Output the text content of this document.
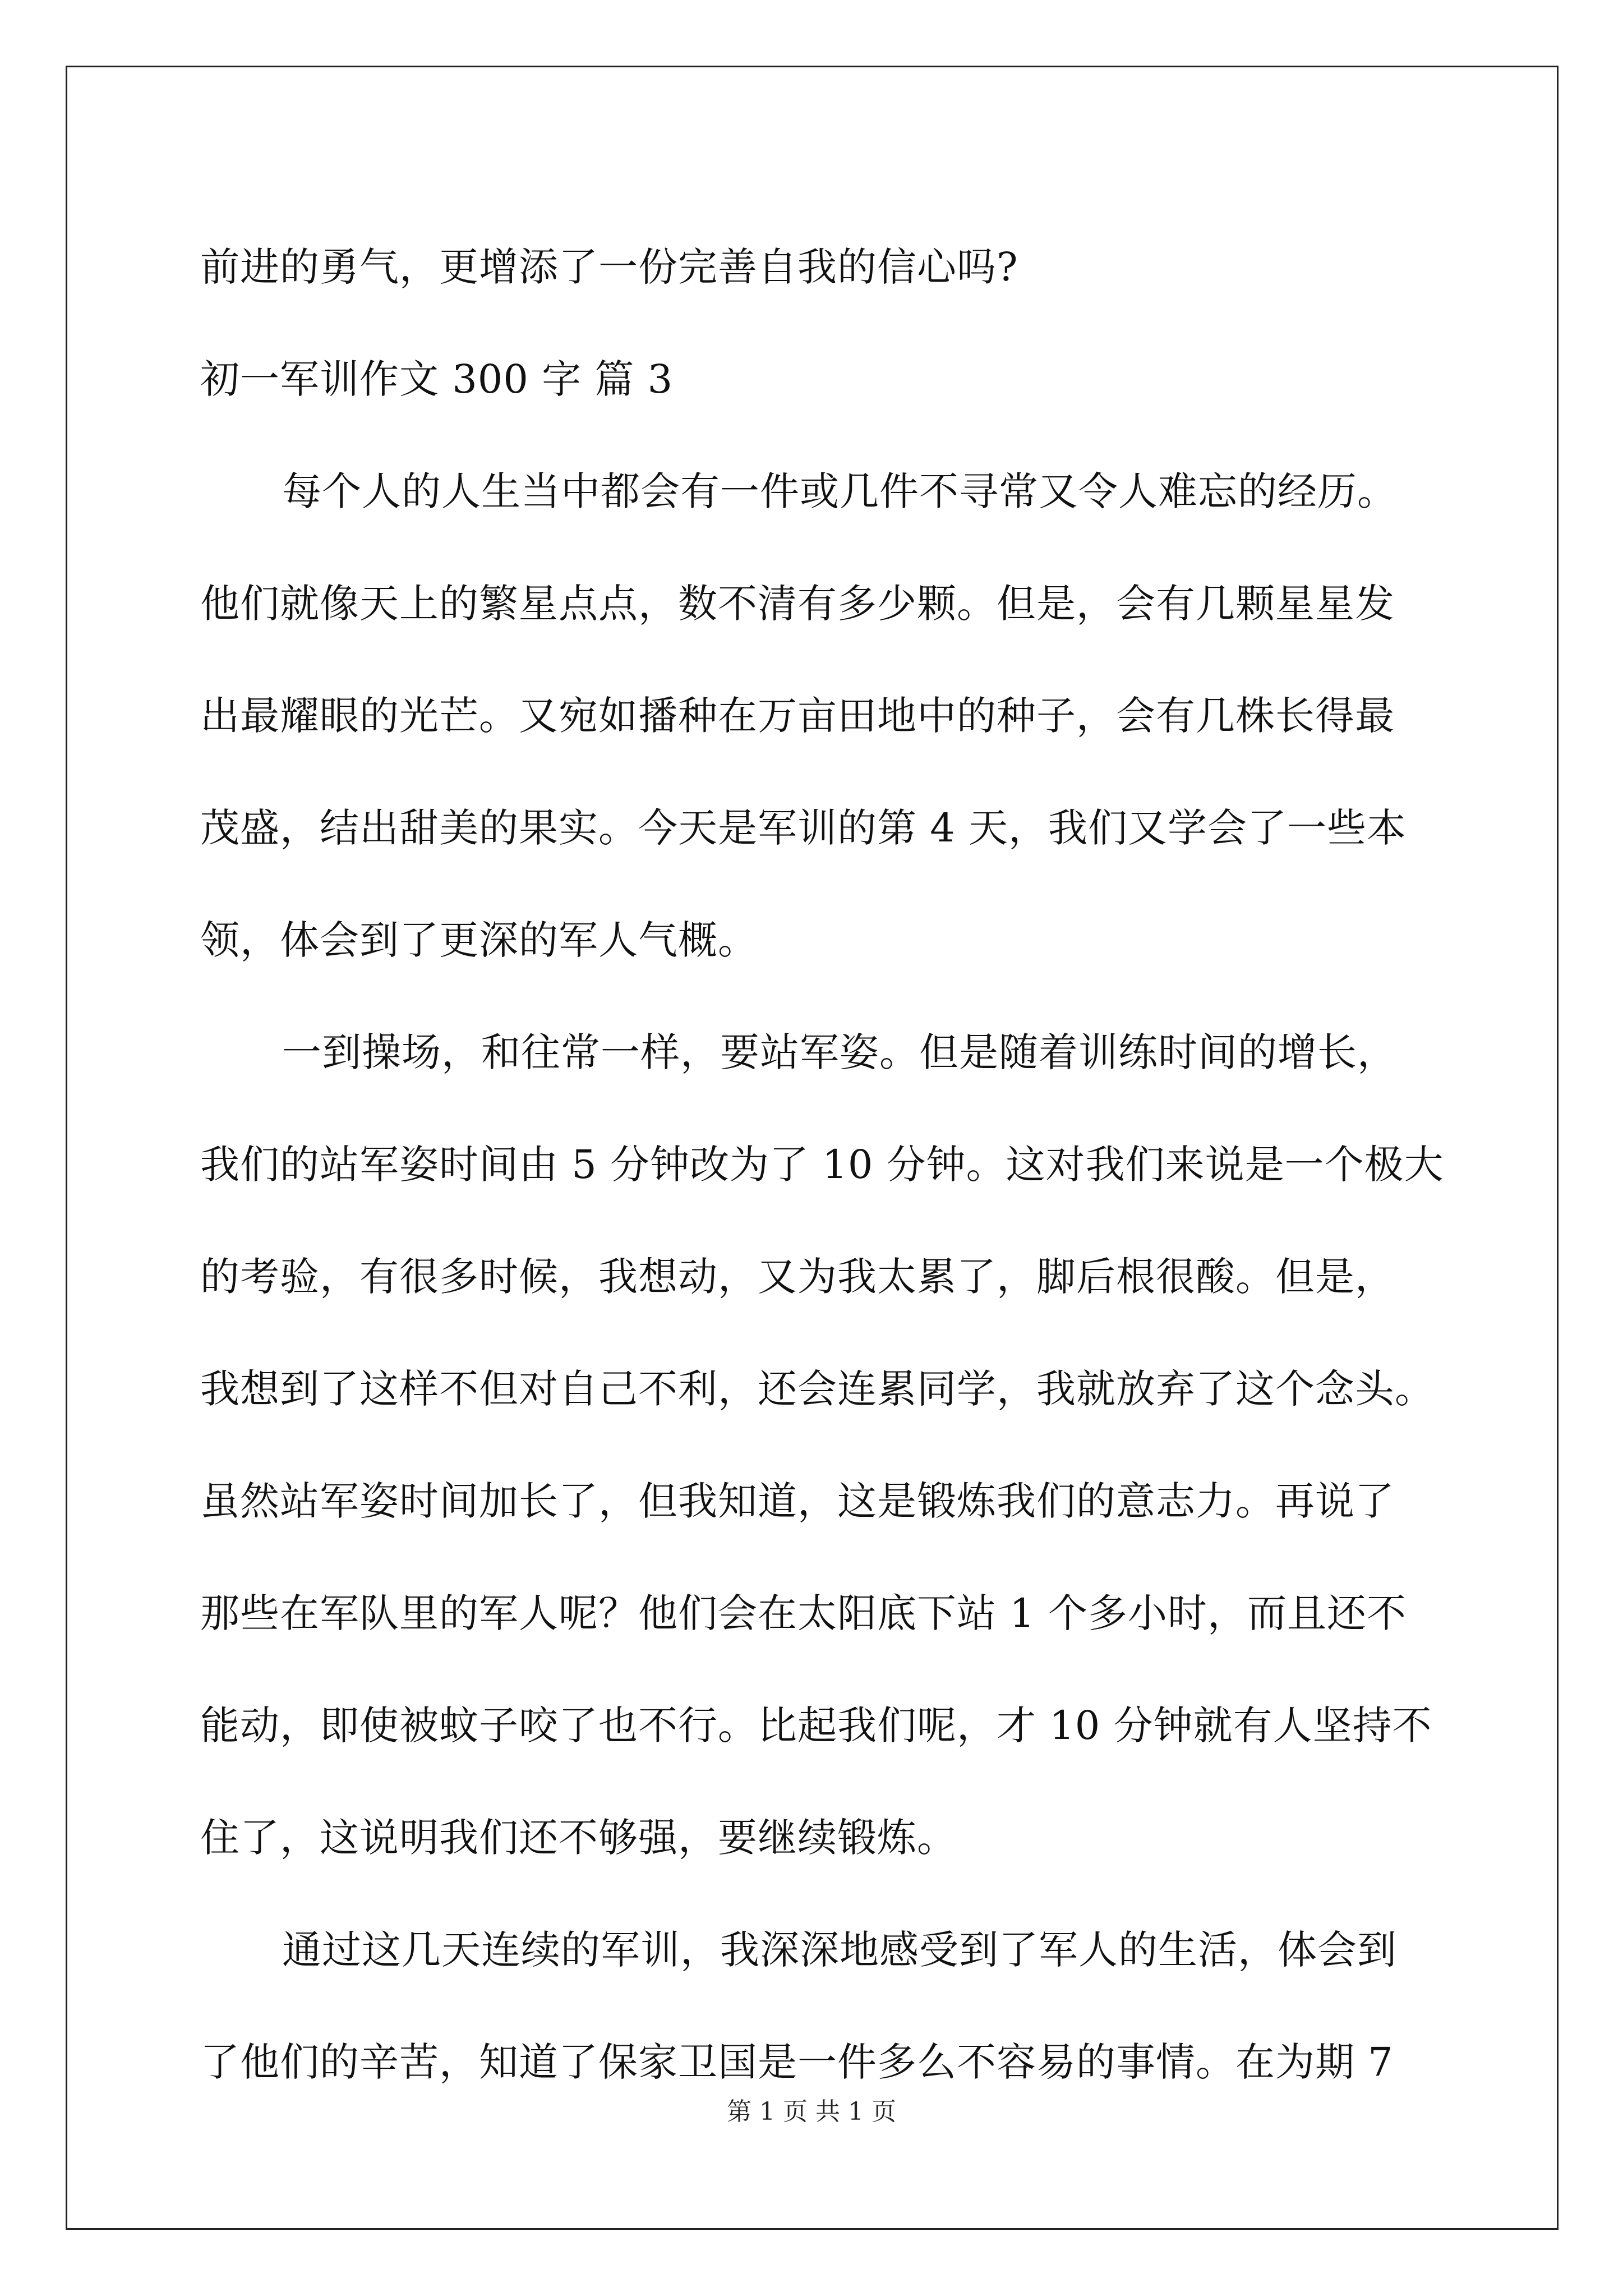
前进的勇气，更增添了一份完善自我的信心吗?
初一军训作文 300 字 篇 3
每个人的人生当中都会有一件或几件不寻常又令人难忘的经历。
他们就像天上的繁星点点，数不清有多少颗。但是，会有几颗星星发
出最耀眼的光芒。又宛如播种在万亩田地中的种子，会有几株长得最
茂盛，结出甜美的果实。今天是军训的第 4 天，我们又学会了一些本
领，体会到了更深的军人气概。
一到操场，和往常一样，要站军姿。但是随着训练时间的增长，
我们的站军姿时间由 5 分钟改为了 10 分钟。这对我们来说是一个极大
的考验，有很多时候，我想动，又为我太累了，脚后根很酸。但是，
我想到了这样不但对自己不利，还会连累同学，我就放弃了这个念头。
虽然站军姿时间加长了，但我知道，这是锻炼我们的意志力。再说了
那些在军队里的军人呢？他们会在太阳底下站 1 个多小时，而且还不
能动，即使被蚊子咬了也不行。比起我们呢，才 10 分钟就有人坚持不
住了，这说明我们还不够强，要继续锻炼。
通过这几天连续的军训，我深深地感受到了军人的生活，体会到
了他们的辛苦，知道了保家卫国是一件多么不容易的事情。在为期 7
第 1 页 共 1 页
